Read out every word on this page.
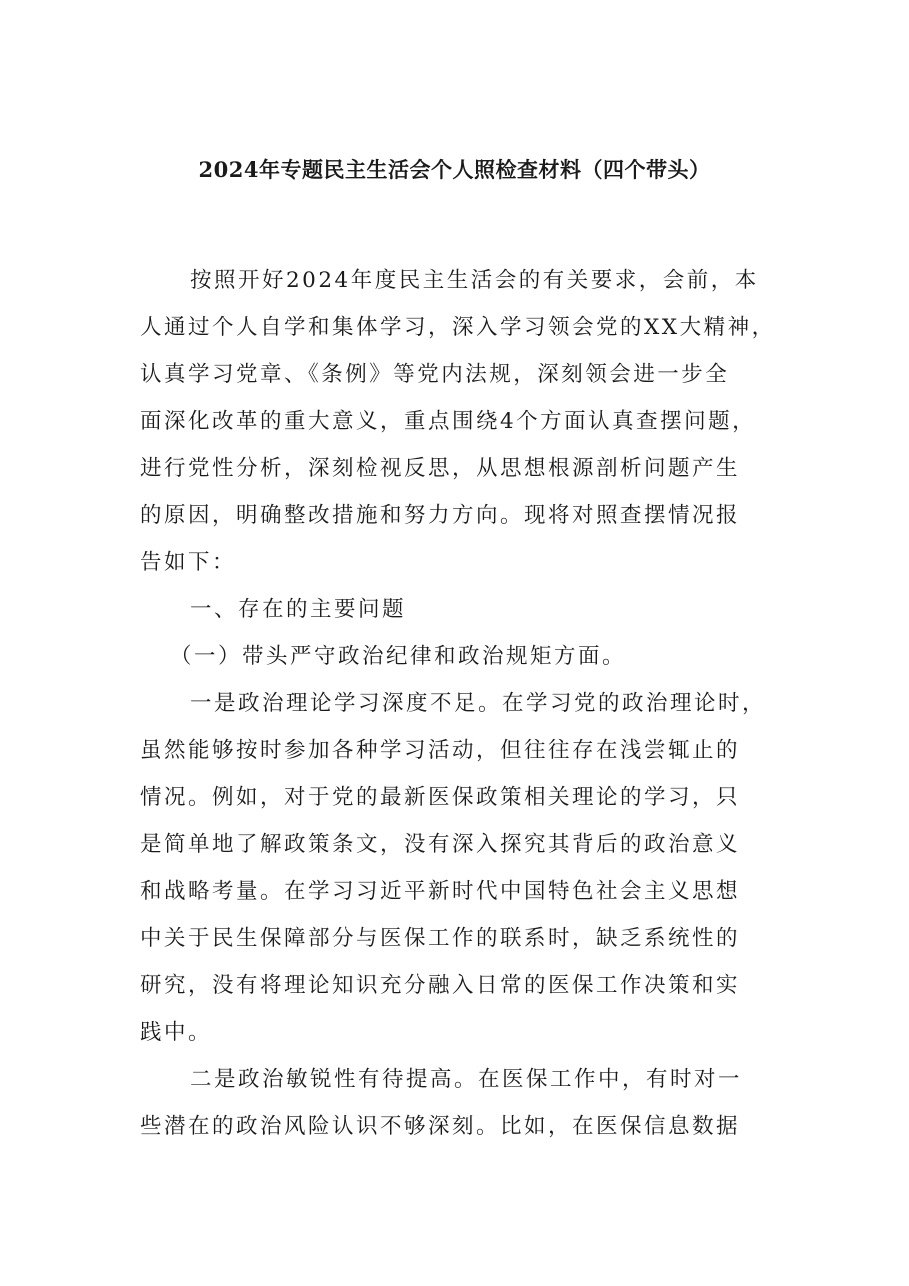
2024年专题民主生活会个人照检查材料（四个带头）
按照开好2024年度民主生活会的有关要求，会前，本
人通过个人自学和集体学习，深入学习领会党的XX大精神，
认真学习党章、《条例》等党内法规，深刻领会进一步全
面深化改革的重大意义，重点围绕4个方面认真查摆问题，
进行党性分析，深刻检视反思，从思想根源剖析问题产生
的原因，明确整改措施和努力方向。现将对照查摆情况报
告如下：
一、存在的主要问题
（一）带头严守政治纪律和政治规矩方面。
一是政治理论学习深度不足。在学习党的政治理论时，
虽然能够按时参加各种学习活动，但往往存在浅尝辄止的
情况。例如，对于党的最新医保政策相关理论的学习，只
是简单地了解政策条文，没有深入探究其背后的政治意义
和战略考量。在学习习近平新时代中国特色社会主义思想
中关于民生保障部分与医保工作的联系时，缺乏系统性的
研究，没有将理论知识充分融入日常的医保工作决策和实
践中。
二是政治敏锐性有待提高。在医保工作中，有时对一
些潜在的政治风险认识不够深刻。比如，在医保信息数据
